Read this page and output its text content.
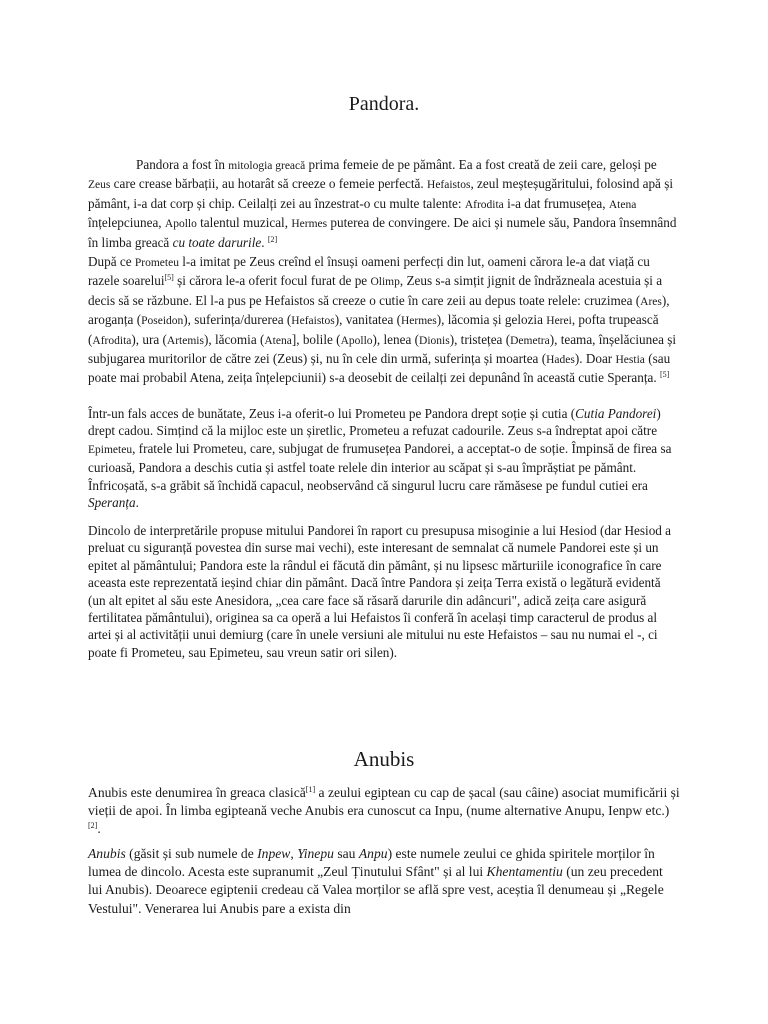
Pandora.

Pandora a fost în mitologia greacă prima femeie de pe pământ. Ea a fost creată de zeii care, geloși pe Zeus care crease bărbații, au hotarât să creeze o femeie perfectă. Hefaistos, zeul meșteșugăritului, folosind apă și pământ, i-a dat corp și chip. Ceilalți zei au înzestrat-o cu multe talente: Afrodita i-a dat frumusețea, Atena înțelepciunea, Apollo talentul muzical, Hermes puterea de convingere. De aici și numele său, Pandora însemnând în limba greacă cu toate darurile. [2]

După ce Prometeu l-a imitat pe Zeus creînd el însuși oameni perfecți din lut, oameni cărora le-a dat viață cu razele soarelui[5] și cărora le-a oferit focul furat de pe Olimp, Zeus s-a simțit jignit de îndrăzneala acestuia și a decis să se răzbune. El l-a pus pe Hefaistos să creeze o cutie în care zeii au depus toate relele: cruzimea (Ares), aroganța (Poseidon), suferința/durerea (Hefaistos), vanitatea (Hermes), lăcomia și gelozia Herei, pofta trupească (Afrodita), ura (Artemis), lăcomia (Atena], bolile (Apollo), lenea (Dionis), tristețea (Demetra), teama, înșelăciunea și subjugarea muritorilor de către zei (Zeus) și, nu în cele din urmă, suferința și moartea (Hades). Doar Hestia (sau poate mai probabil Atena, zeița înțelepciunii) s-a deosebit de ceilalți zei depunând în această cutie Speranța. [5]

Într-un fals acces de bunătate, Zeus i-a oferit-o lui Prometeu pe Pandora drept soție și cutia (Cutia Pandorei) drept cadou. Simțind că la mijloc este un șiretlic, Prometeu a refuzat cadourile. Zeus s-a îndreptat apoi către Epimeteu, fratele lui Prometeu, care, subjugat de frumusețea Pandorei, a acceptat-o de soție. Împinsă de firea sa curioasă, Pandora a deschis cutia și astfel toate relele din interior au scăpat și s-au împrăștiat pe pământ. Înfricoșată, s-a grăbit să închidă capacul, neobservând că singurul lucru care rămăsese pe fundul cutiei era Speranța.

Dincolo de interpretările propuse mitului Pandorei în raport cu presupusa misoginie a lui Hesiod (dar Hesiod a preluat cu siguranță povestea din surse mai vechi), este interesant de semnalat că numele Pandorei este și un epitet al pământului; Pandora este la rândul ei făcută din pământ, și nu lipsesc mărturiile iconografice în care aceasta este reprezentată ieșind chiar din pământ. Dacă între Pandora și zeița Terra există o legătură evidentă (un alt epitet al său este Anesidora, „cea care face să răsară darurile din adâncuri", adică zeița care asigură fertilitatea pământului), originea sa ca operă a lui Hefaistos îi conferă în același timp caracterul de produs al artei și al activității unui demiurg (care în unele versiuni ale mitului nu este Hefaistos – sau nu numai el -, ci poate fi Prometeu, sau Epimeteu, sau vreun satir ori silen).

Anubis

Anubis este denumirea în greaca clasică[1] a zeului egiptean cu cap de șacal (sau câine) asociat mumificării și vieții de apoi. În limba egipteană veche Anubis era cunoscut ca Inpu, (nume alternative Anupu, Ienpw etc.)[2].

Anubis (găsit și sub numele de Inpew, Yinepu sau Anpu) este numele zeului ce ghida spiritele morților în lumea de dincolo. Acesta este supranumit „Zeul Ținutului Sfânt" și al lui Khentamentiu (un zeu precedent lui Anubis). Deoarece egiptenii credeau că Valea morților se află spre vest, aceștia îl denumeau și „Regele Vestului". Venerarea lui Anubis pare a exista din
